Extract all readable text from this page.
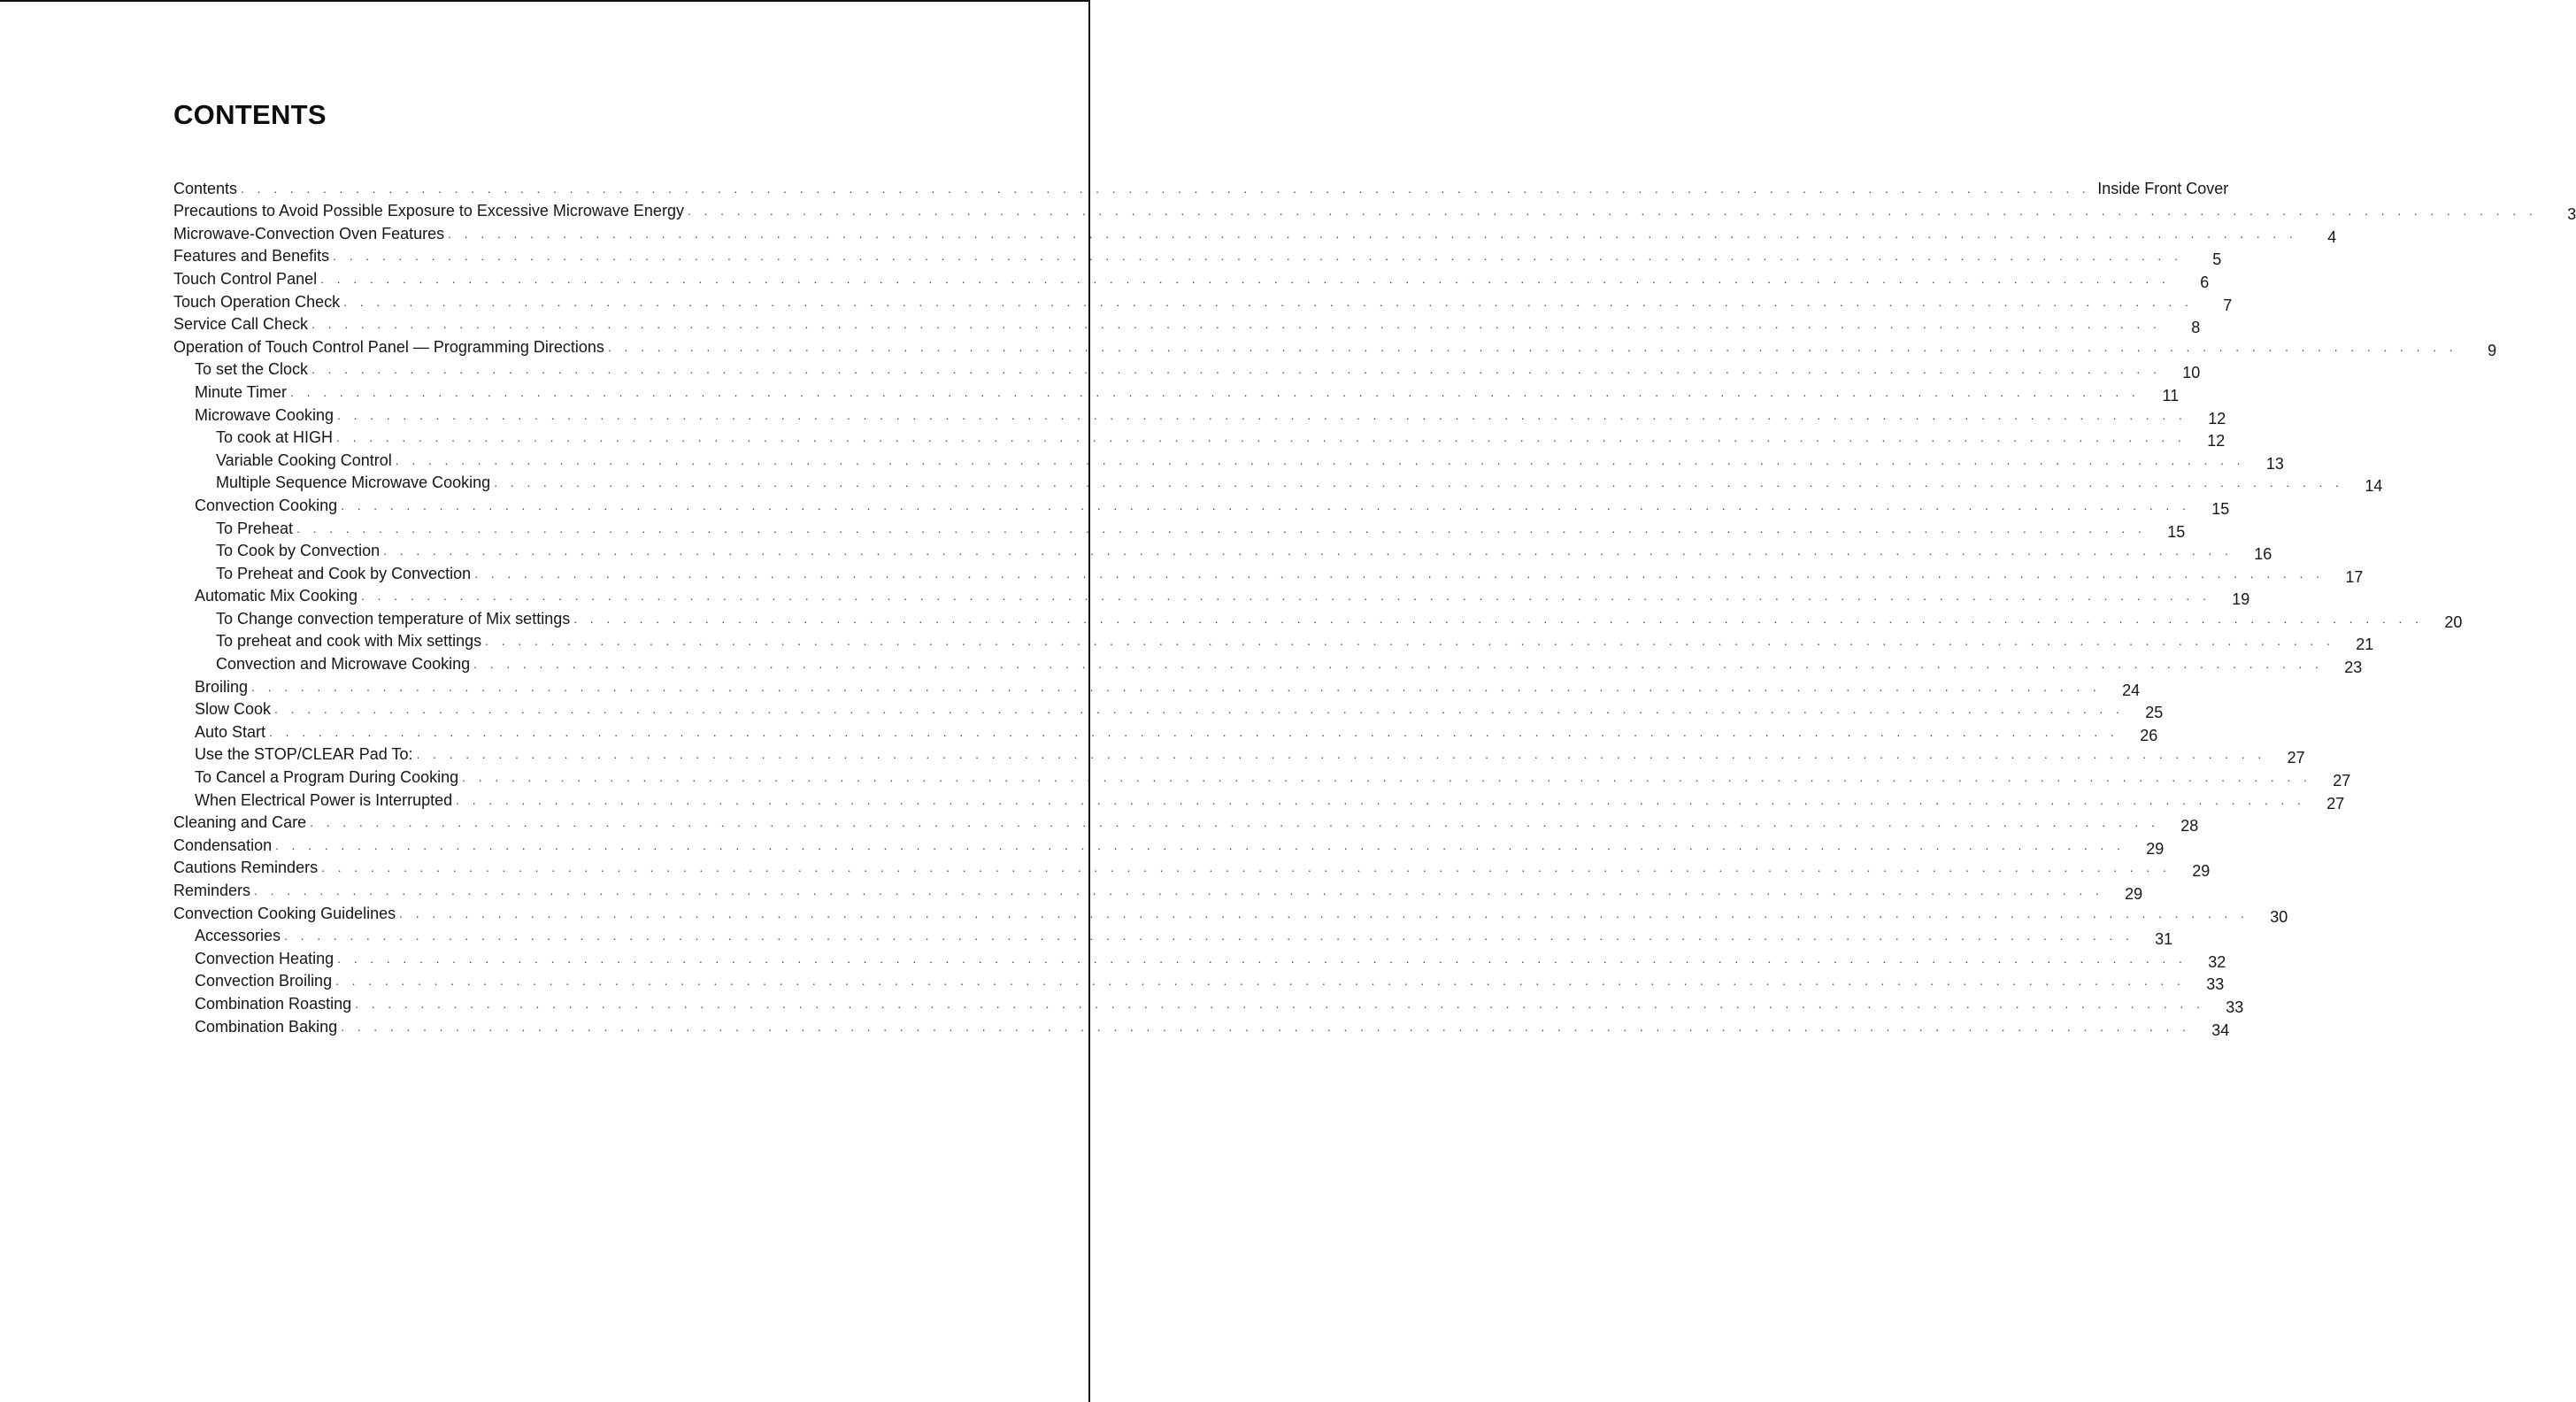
CONTENTS
Contents . . . . . . . . . . . . . . . . . . . . . . . . . . . . . . . . . . . . . . . . . . . . . . . . . . . . . . . . . . . . . . . . . . . . . . . . . . . . . . . . . . . . . . . . . . . . . . . . . . . . . . . . . . . . . . . . . Inside Front Cover
Precautions to Avoid Possible Exposure to Excessive Microwave Energy . . . . . . . . . . . . . . . . . . . . . . . . . . . . . . . . . . . . . . . . . . . . . . . . . . . . . . . . . . . . . . . . . . . . . . . . . . . . . . . . . . . . . . . . . . . . . . . . . . . . . . . . . . . . . . . . .	3
Microwave-Convection Oven Features . . . . . . . . . . . . . . . . . . . . . . . . . . . . . . . . . . . . . . . . . . . . . . . . . . . . . . . . . . . . . . . . . . . . . . . . . . . . . . . . . . . . . . . . . . . . . . . . . . . . . . . . . . . . . . . . .	4
Features and Benefits . . . . . . . . . . . . . . . . . . . . . . . . . . . . . . . . . . . . . . . . . . . . . . . . . . . . . . . . . . . . . . . . . . . . . . . . . . . . . . . . . . . . . . . . . . . . . . . . . . . . . . . . . . . . . . . . .	5
Touch Control Panel . . . . . . . . . . . . . . . . . . . . . . . . . . . . . . . . . . . . . . . . . . . . . . . . . . . . . . . . . . . . . . . . . . . . . . . . . . . . . . . . . . . . . . . . . . . . . . . . . . . . . . . . . . . . . . . . .	6
Touch Operation Check . . . . . . . . . . . . . . . . . . . . . . . . . . . . . . . . . . . . . . . . . . . . . . . . . . . . . . . . . . . . . . . . . . . . . . . . . . . . . . . . . . . . . . . . . . . . . . . . . . . . . . . . . . . . . . . . .	7
Service Call Check . . . . . . . . . . . . . . . . . . . . . . . . . . . . . . . . . . . . . . . . . . . . . . . . . . . . . . . . . . . . . . . . . . . . . . . . . . . . . . . . . . . . . . . . . . . . . . . . . . . . . . . . . . . . . . . . .	8
Operation of Touch Control Panel — Programming Directions . . . . . . . . . . . . . . . . . . . . . . . . . . . . . . . . . . . . . . . . . . . . . . . . . . . . . . . . . . . . . . . . . . . . . . . . . . . . . . . . . . . . . . . . . . . . . . . . . . . . . . . . . . . . . . . . .	9
To set the Clock . . . . . . . . . . . . . . . . . . . . . . . . . . . . . . . . . . . . . . . . . . . . . . . . . . . . . . . . . . . . . . . . . . . . . . . . . . . . . . . . . . . . . . . . . . . . . . . . . . . . . . . . . . . . . . . . .	10
Minute Timer . . . . . . . . . . . . . . . . . . . . . . . . . . . . . . . . . . . . . . . . . . . . . . . . . . . . . . . . . . . . . . . . . . . . . . . . . . . . . . . . . . . . . . . . . . . . . . . . . . . . . . . . . . . . . . . . .	11
Microwave Cooking . . . . . . . . . . . . . . . . . . . . . . . . . . . . . . . . . . . . . . . . . . . . . . . . . . . . . . . . . . . . . . . . . . . . . . . . . . . . . . . . . . . . . . . . . . . . . . . . . . . . . . . . . . . . . . . . .	12
To cook at HIGH . . . . . . . . . . . . . . . . . . . . . . . . . . . . . . . . . . . . . . . . . . . . . . . . . . . . . . . . . . . . . . . . . . . . . . . . . . . . . . . . . . . . . . . . . . . . . . . . . . . . . . . . . . . . . . . . .	12
Variable Cooking Control . . . . . . . . . . . . . . . . . . . . . . . . . . . . . . . . . . . . . . . . . . . . . . . . . . . . . . . . . . . . . . . . . . . . . . . . . . . . . . . . . . . . . . . . . . . . . . . . . . . . . . . . . . . . . . . . .	13
Multiple Sequence Microwave Cooking . . . . . . . . . . . . . . . . . . . . . . . . . . . . . . . . . . . . . . . . . . . . . . . . . . . . . . . . . . . . . . . . . . . . . . . . . . . . . . . . . . . . . . . . . . . . . . . . . . . . . . . . . . . . . . . . .	14
Convection Cooking . . . . . . . . . . . . . . . . . . . . . . . . . . . . . . . . . . . . . . . . . . . . . . . . . . . . . . . . . . . . . . . . . . . . . . . . . . . . . . . . . . . . . . . . . . . . . . . . . . . . . . . . . . . . . . . . .	15
To Preheat . . . . . . . . . . . . . . . . . . . . . . . . . . . . . . . . . . . . . . . . . . . . . . . . . . . . . . . . . . . . . . . . . . . . . . . . . . . . . . . . . . . . . . . . . . . . . . . . . . . . . . . . . . . . . . . . .	15
To Cook by Convection . . . . . . . . . . . . . . . . . . . . . . . . . . . . . . . . . . . . . . . . . . . . . . . . . . . . . . . . . . . . . . . . . . . . . . . . . . . . . . . . . . . . . . . . . . . . . . . . . . . . . . . . . . . . . . . . .	16
To Preheat and Cook by Convection . . . . . . . . . . . . . . . . . . . . . . . . . . . . . . . . . . . . . . . . . . . . . . . . . . . . . . . . . . . . . . . . . . . . . . . . . . . . . . . . . . . . . . . . . . . . . . . . . . . . . . . . . . . . . . . . .	17
Automatic Mix Cooking . . . . . . . . . . . . . . . . . . . . . . . . . . . . . . . . . . . . . . . . . . . . . . . . . . . . . . . . . . . . . . . . . . . . . . . . . . . . . . . . . . . . . . . . . . . . . . . . . . . . . . . . . . . . . . . . .	19
To Change convection temperature of Mix settings . . . . . . . . . . . . . . . . . . . . . . . . . . . . . . . . . . . . . . . . . . . . . . . . . . . . . . . . . . . . . . . . . . . . . . . . . . . . . . . . . . . . . . . . . . . . . . . . . . . . . . . . . . . . . . . . .	20
To preheat and cook with Mix settings . . . . . . . . . . . . . . . . . . . . . . . . . . . . . . . . . . . . . . . . . . . . . . . . . . . . . . . . . . . . . . . . . . . . . . . . . . . . . . . . . . . . . . . . . . . . . . . . . . . . . . . . . . . . . . . . .	21
Convection and Microwave Cooking . . . . . . . . . . . . . . . . . . . . . . . . . . . . . . . . . . . . . . . . . . . . . . . . . . . . . . . . . . . . . . . . . . . . . . . . . . . . . . . . . . . . . . . . . . . . . . . . . . . . . . . . . . . . . . . . .	23
Broiling . . . . . . . . . . . . . . . . . . . . . . . . . . . . . . . . . . . . . . . . . . . . . . . . . . . . . . . . . . . . . . . . . . . . . . . . . . . . . . . . . . . . . . . . . . . . . . . . . . . . . . . . . . . . . . . . .	24
Slow Cook . . . . . . . . . . . . . . . . . . . . . . . . . . . . . . . . . . . . . . . . . . . . . . . . . . . . . . . . . . . . . . . . . . . . . . . . . . . . . . . . . . . . . . . . . . . . . . . . . . . . . . . . . . . . . . . . .	25
Auto Start . . . . . . . . . . . . . . . . . . . . . . . . . . . . . . . . . . . . . . . . . . . . . . . . . . . . . . . . . . . . . . . . . . . . . . . . . . . . . . . . . . . . . . . . . . . . . . . . . . . . . . . . . . . . . . . . .	26
Use the STOP/CLEAR Pad To: . . . . . . . . . . . . . . . . . . . . . . . . . . . . . . . . . . . . . . . . . . . . . . . . . . . . . . . . . . . . . . . . . . . . . . . . . . . . . . . . . . . . . . . . . . . . . . . . . . . . . . . . . . . . . . . . .	27
To Cancel a Program During Cooking . . . . . . . . . . . . . . . . . . . . . . . . . . . . . . . . . . . . . . . . . . . . . . . . . . . . . . . . . . . . . . . . . . . . . . . . . . . . . . . . . . . . . . . . . . . . . . . . . . . . . . . . . . . . . . . . .	27
When Electrical Power is Interrupted . . . . . . . . . . . . . . . . . . . . . . . . . . . . . . . . . . . . . . . . . . . . . . . . . . . . . . . . . . . . . . . . . . . . . . . . . . . . . . . . . . . . . . . . . . . . . . . . . . . . . . . . . . . . . . . . .	27
Cleaning and Care . . . . . . . . . . . . . . . . . . . . . . . . . . . . . . . . . . . . . . . . . . . . . . . . . . . . . . . . . . . . . . . . . . . . . . . . . . . . . . . . . . . . . . . . . . . . . . . . . . . . . . . . . . . . . . . . .	28
Condensation . . . . . . . . . . . . . . . . . . . . . . . . . . . . . . . . . . . . . . . . . . . . . . . . . . . . . . . . . . . . . . . . . . . . . . . . . . . . . . . . . . . . . . . . . . . . . . . . . . . . . . . . . . . . . . . . .	29
Cautions Reminders . . . . . . . . . . . . . . . . . . . . . . . . . . . . . . . . . . . . . . . . . . . . . . . . . . . . . . . . . . . . . . . . . . . . . . . . . . . . . . . . . . . . . . . . . . . . . . . . . . . . . . . . . . . . . . . . .	29
Reminders . . . . . . . . . . . . . . . . . . . . . . . . . . . . . . . . . . . . . . . . . . . . . . . . . . . . . . . . . . . . . . . . . . . . . . . . . . . . . . . . . . . . . . . . . . . . . . . . . . . . . . . . . . . . . . . . .	29
Convection Cooking Guidelines . . . . . . . . . . . . . . . . . . . . . . . . . . . . . . . . . . . . . . . . . . . . . . . . . . . . . . . . . . . . . . . . . . . . . . . . . . . . . . . . . . . . . . . . . . . . . . . . . . . . . . . . . . . . . . . . .	30
Accessories . . . . . . . . . . . . . . . . . . . . . . . . . . . . . . . . . . . . . . . . . . . . . . . . . . . . . . . . . . . . . . . . . . . . . . . . . . . . . . . . . . . . . . . . . . . . . . . . . . . . . . . . . . . . . . . . .	31
Convection Heating . . . . . . . . . . . . . . . . . . . . . . . . . . . . . . . . . . . . . . . . . . . . . . . . . . . . . . . . . . . . . . . . . . . . . . . . . . . . . . . . . . . . . . . . . . . . . . . . . . . . . . . . . . . . . . . . .	32
Convection Broiling . . . . . . . . . . . . . . . . . . . . . . . . . . . . . . . . . . . . . . . . . . . . . . . . . . . . . . . . . . . . . . . . . . . . . . . . . . . . . . . . . . . . . . . . . . . . . . . . . . . . . . . . . . . . . . . . .	33
Combination Roasting . . . . . . . . . . . . . . . . . . . . . . . . . . . . . . . . . . . . . . . . . . . . . . . . . . . . . . . . . . . . . . . . . . . . . . . . . . . . . . . . . . . . . . . . . . . . . . . . . . . . . . . . . . . . . . . . .	33
Combination Baking . . . . . . . . . . . . . . . . . . . . . . . . . . . . . . . . . . . . . . . . . . . . . . . . . . . . . . . . . . . . . . . . . . . . . . . . . . . . . . . . . . . . . . . . . . . . . . . . . . . . . . . . . . . . . . . . .	34
